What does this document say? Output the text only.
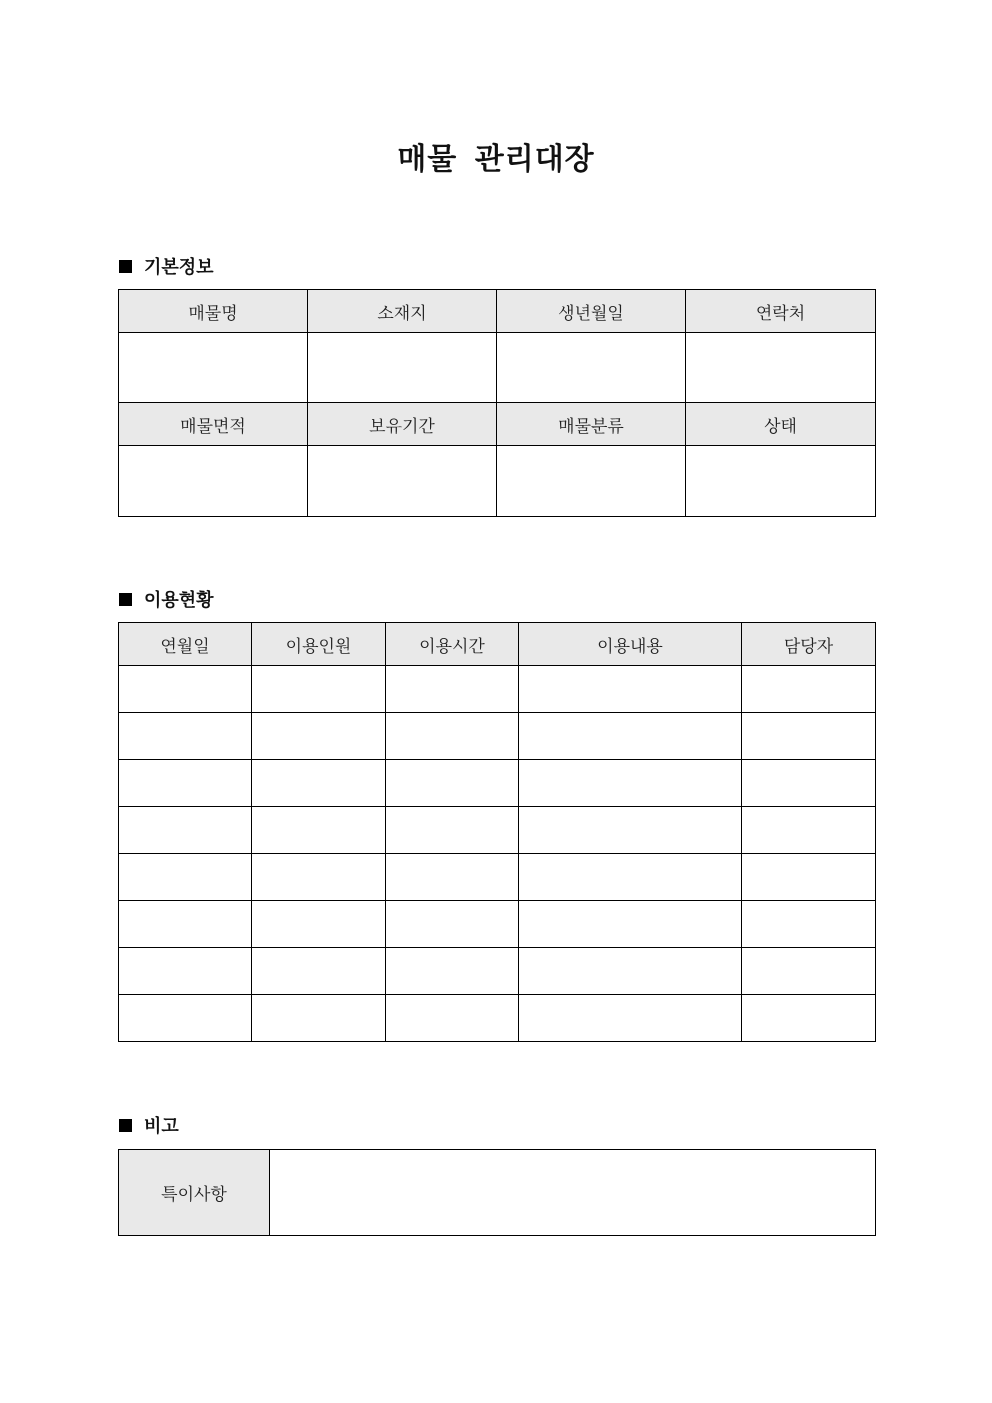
매물 관리대장
기본정보
매물명	소재지	생년월일	연락처

매물면적	보유기간	매물분류	상태

이용현황
연월일	이용인원	이용시간	이용내용	담당자

비고
특이사항	
